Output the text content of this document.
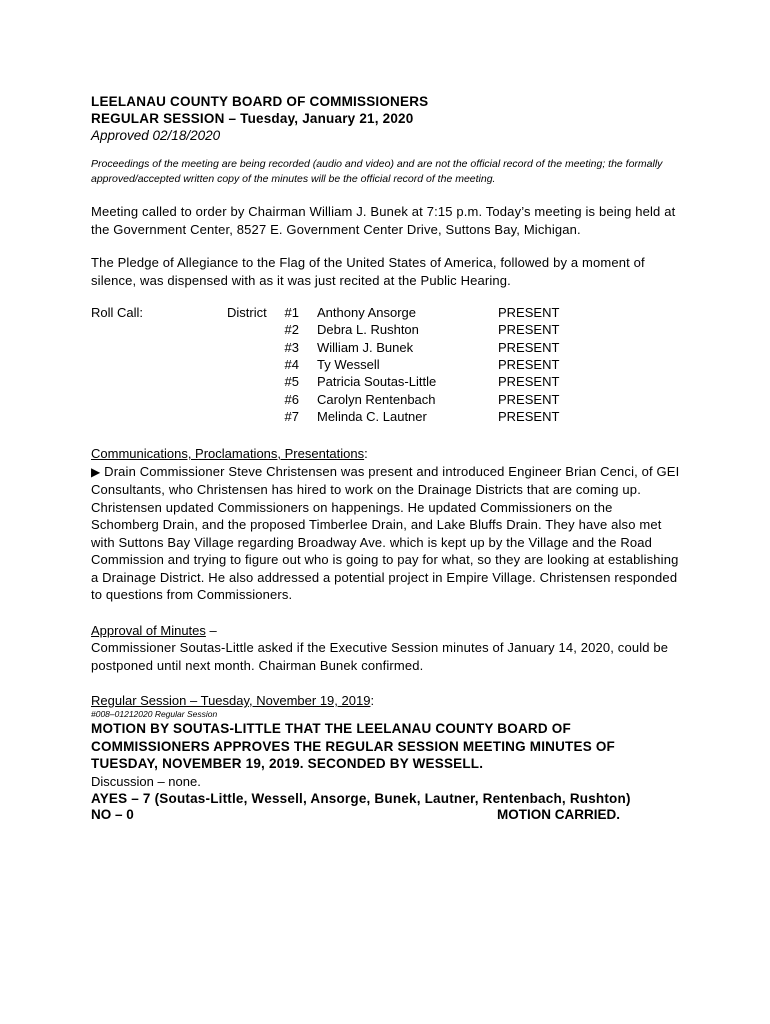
LEELANAU COUNTY BOARD OF COMMISSIONERS
REGULAR SESSION – Tuesday, January 21, 2020
Approved 02/18/2020
Proceedings of the meeting are being recorded (audio and video) and are not the official record of the meeting; the formally approved/accepted written copy of the minutes will be the official record of the meeting.
Meeting called to order by Chairman William J. Bunek at 7:15 p.m. Today’s meeting is being held at the Government Center, 8527 E. Government Center Drive, Suttons Bay, Michigan.
The Pledge of Allegiance to the Flag of the United States of America, followed by a moment of silence, was dispensed with as it was just recited at the Public Hearing.
Roll Call:	District	#1 Anthony Ansorge	PRESENT
#2 Debra L. Rushton	PRESENT
#3 William J. Bunek	PRESENT
#4 Ty Wessell	PRESENT
#5 Patricia Soutas-Little	PRESENT
#6 Carolyn Rentenbach	PRESENT
#7 Melinda C. Lautner	PRESENT
Communications, Proclamations, Presentations:
▶ Drain Commissioner Steve Christensen was present and introduced Engineer Brian Cenci, of GEI Consultants, who Christensen has hired to work on the Drainage Districts that are coming up. Christensen updated Commissioners on happenings. He updated Commissioners on the Schomberg Drain, and the proposed Timberlee Drain, and Lake Bluffs Drain. They have also met with Suttons Bay Village regarding Broadway Ave. which is kept up by the Village and the Road Commission and trying to figure out who is going to pay for what, so they are looking at establishing a Drainage District. He also addressed a potential project in Empire Village. Christensen responded to questions from Commissioners.
Approval of Minutes –
Commissioner Soutas-Little asked if the Executive Session minutes of January 14, 2020, could be postponed until next month. Chairman Bunek confirmed.
Regular Session – Tuesday, November 19, 2019:
#008–01212020 Regular Session
MOTION BY SOUTAS-LITTLE THAT THE LEELANAU COUNTY BOARD OF COMMISSIONERS APPROVES THE REGULAR SESSION MEETING MINUTES OF TUESDAY, NOVEMBER 19, 2019. SECONDED BY WESSELL.
Discussion – none.
AYES – 7 (Soutas-Little, Wessell, Ansorge, Bunek, Lautner, Rentenbach, Rushton)
NO – 0	MOTION CARRIED.
